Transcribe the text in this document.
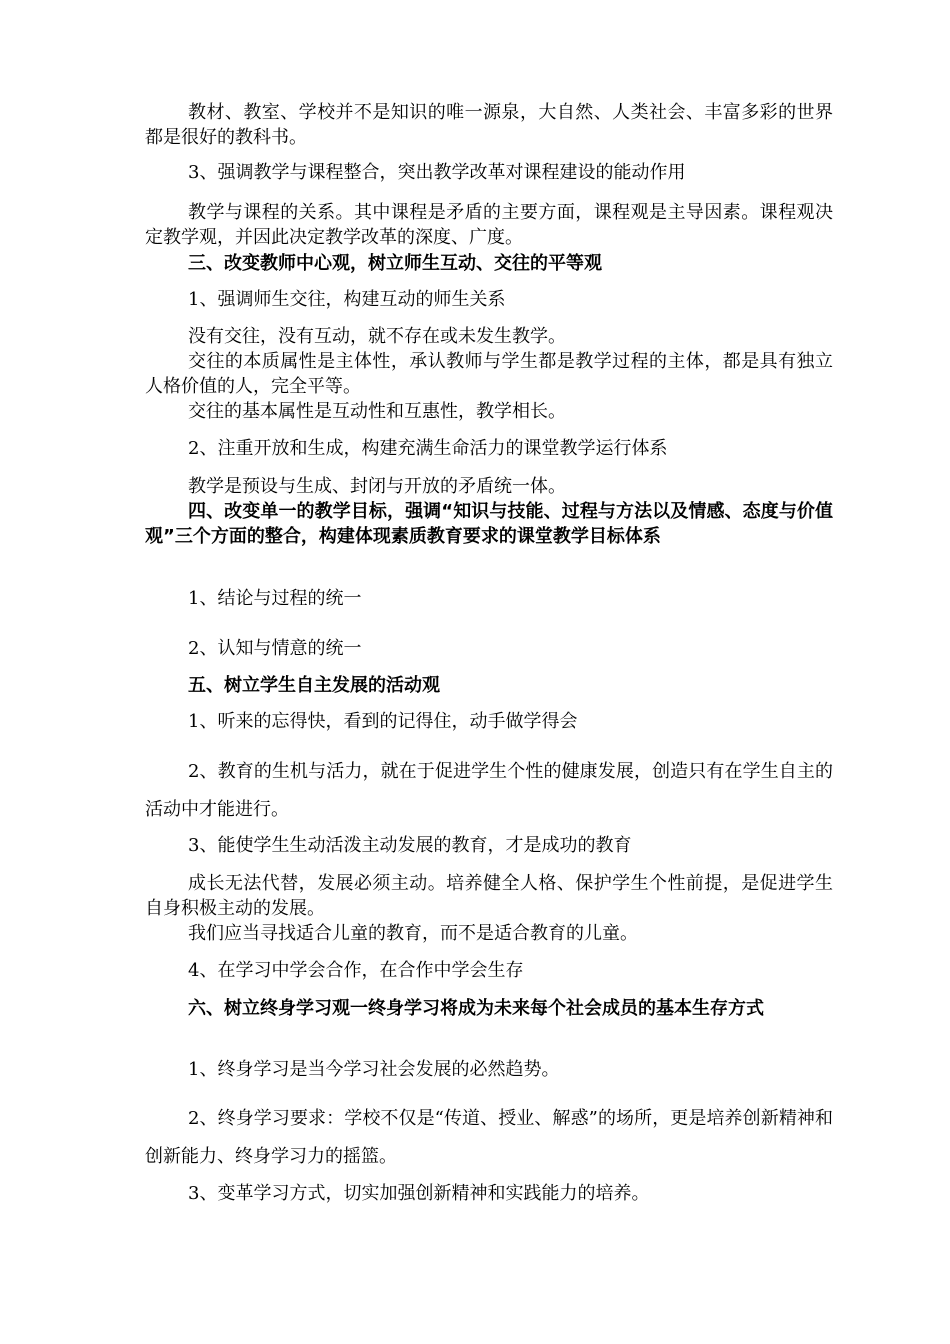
教材、教室、学校并不是知识的唯一源泉，大自然、人类社会、丰富多彩的世界都是很好的教科书。

3、强调教学与课程整合，突出教学改革对课程建设的能动作用

教学与课程的关系。其中课程是矛盾的主要方面，课程观是主导因素。课程观决定教学观，并因此决定教学改革的深度、广度。

三、改变教师中心观，树立师生互动、交往的平等观

1、强调师生交往，构建互动的师生关系

没有交往，没有互动，就不存在或未发生教学。

交往的本质属性是主体性，承认教师与学生都是教学过程的主体，都是具有独立人格价值的人，完全平等。

交往的基本属性是互动性和互惠性，教学相长。

2、注重开放和生成，构建充满生命活力的课堂教学运行体系

教学是预设与生成、封闭与开放的矛盾统一体。

四、改变单一的教学目标，强调“知识与技能、过程与方法以及情感、态度与价值观”三个方面的整合，构建体现素质教育要求的课堂教学目标体系

1、结论与过程的统一

2、认知与情意的统一

五、树立学生自主发展的活动观

1、听来的忘得快，看到的记得住，动手做学得会

2、教育的生机与活力，就在于促进学生个性的健康发展，创造只有在学生自主的活动中才能进行。

3、能使学生生动活泼主动发展的教育，才是成功的教育

成长无法代替，发展必须主动。培养健全人格、保护学生个性前提，是促进学生自身积极主动的发展。

我们应当寻找适合儿童的教育，而不是适合教育的儿童。

4、在学习中学会合作，在合作中学会生存

六、树立终身学习观一终身学习将成为未来每个社会成员的基本生存方式

1、终身学习是当今学习社会发展的必然趋势。

2、终身学习要求：学校不仅是“传道、授业、解惑”的场所，更是培养创新精神和创新能力、终身学习力的摇篮。

3、变革学习方式，切实加强创新精神和实践能力的培养。
